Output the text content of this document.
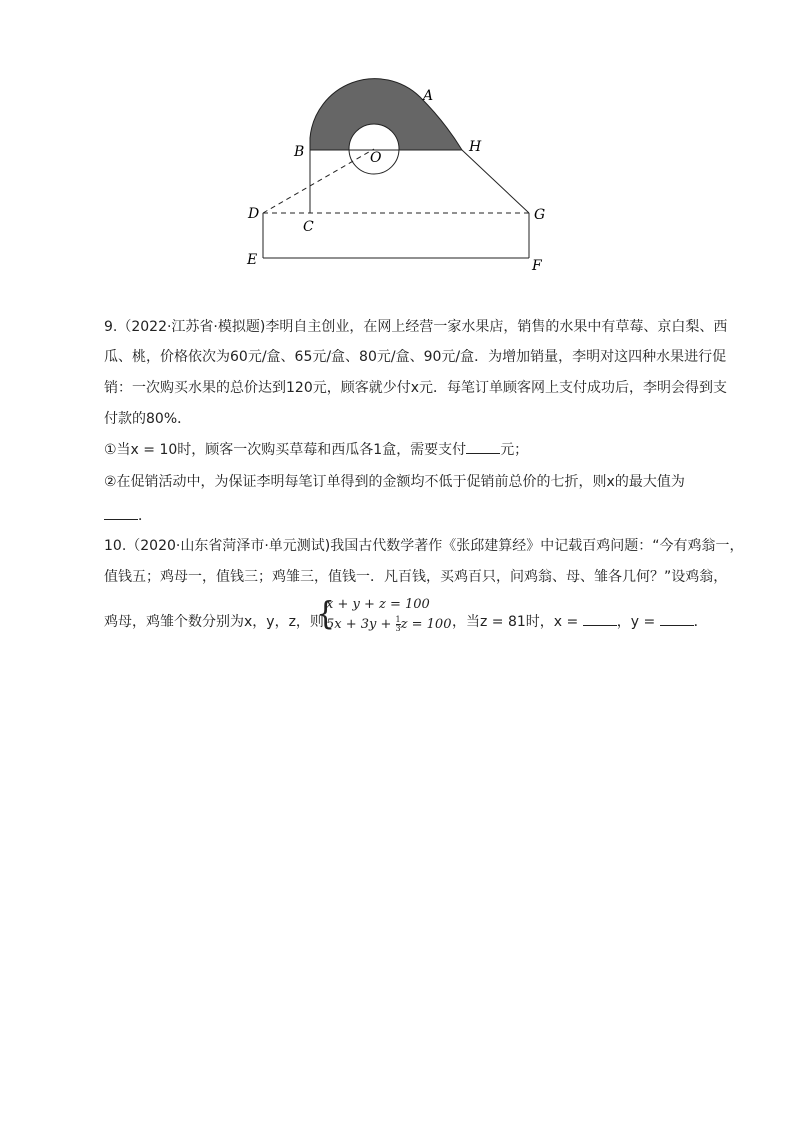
A
B	O
H
D
C
G
E	F
9.（2022·江苏省·模拟题)李明自主创业，在网上经营一家水果店，销售的水果中有草莓、京白梨、西
瓜、桃，价格依次为60元/盒、65元/盒、80元/盒、90元/盒．为增加销量，李明对这四种水果进行促
销：一次购买水果的总价达到120元，顾客就少付x元．每笔订单顾客网上支付成功后，李明会得到支
付款的80%．
①当x = 10时，顾客一次购买草莓和西瓜各1盒，需要支付 元；
②在促销活动中，为保证李明每笔订单得到的金额均不低于促销前总价的七折，则x的最大值为
．
10.（2020·山东省菏泽市·单元测试)我国古代数学著作《张邱建算经》中记载百鸡问题：“今有鸡翁一，
值钱五；鸡母一，值钱三；鸡雏三，值钱一．凡百钱，买鸡百只，问鸡翁、母、雏各几何？”设鸡翁，
鸡母，鸡雏个数分别为x，y，z，则
{
x + y + z = 100
$5x + 3y + \frac{1}{3}$ z = 100 ，当z = 81时，x = ，y = ．
